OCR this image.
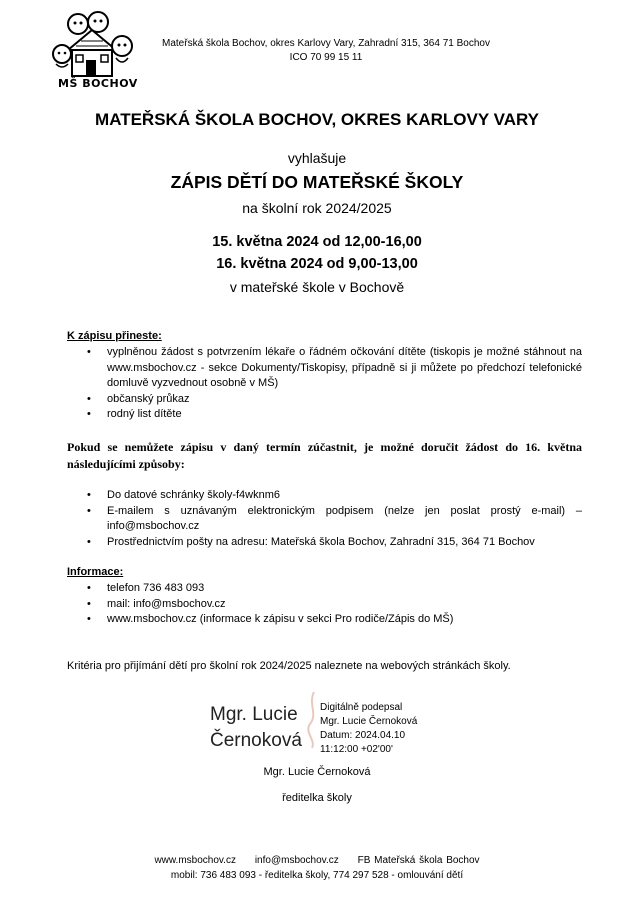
MŠ BOCHOV
Mateřská škola Bochov, okres Karlovy Vary, Zahradní 315, 364 71 Bochov
ICO 70 99 15 11
MATEŘSKÁ ŠKOLA BOCHOV, OKRES KARLOVY VARY
vyhlašuje
ZÁPIS DĚTÍ DO MATEŘSKÉ ŠKOLY
na školní rok 2024/2025
15. května 2024 od 12,00-16,00
16. května 2024 od 9,00-13,00
v mateřské škole v Bochově
K zápisu přineste:
• vyplněnou žádost s potvrzením lékaře o řádném očkování dítěte (tiskopis je možné stáhnout na www.msbochov.cz - sekce Dokumenty/Tiskopisy, případně si ji můžete po předchozí telefonické domluvě vyzvednout osobně v MŠ)
• občanský průkaz
• rodný list dítěte
Pokud se nemůžete zápisu v daný termín zúčastnit, je možné doručit žádost do 16. května následujícími způsoby:
• Do datové schránky školy-f4wknm6
• E-mailem s uznávaným elektronickým podpisem (nelze jen poslat prostý e-mail) – info@msbochov.cz
• Prostřednictvím pošty na adresu: Mateřská škola Bochov, Zahradní 315, 364 71 Bochov
Informace:
• telefon 736 483 093
• mail: info@msbochov.cz
• www.msbochov.cz (informace k zápisu v sekci Pro rodiče/Zápis do MŠ)
Kritéria pro přijímání dětí pro školní rok 2024/2025 naleznete na webových stránkách školy.
Mgr. Lucie
Černoková
Digitálně podepsal
Mgr. Lucie Černoková
Datum: 2024.04.10
11:12:00 +02'00'
Mgr. Lucie Černoková
ředitelka školy
www.msbochov.cz     info@msbochov.cz     FB Mateřská škola Bochov
mobil: 736 483 093 - ředitelka školy, 774 297 528 - omlouvání dětí
